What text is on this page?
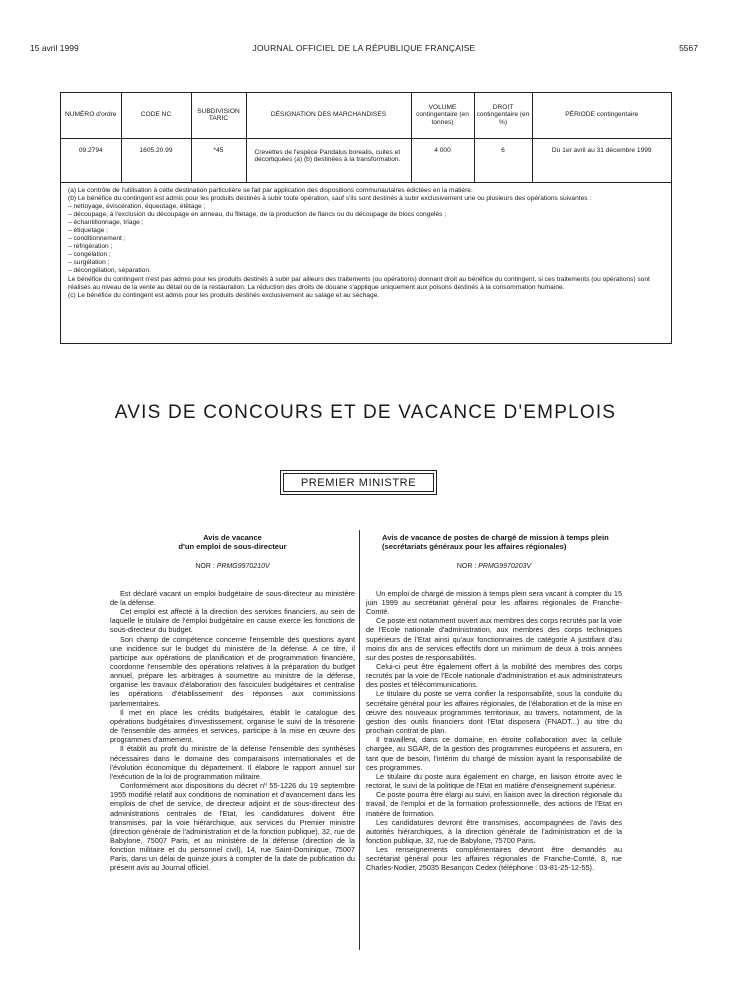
15 avril 1999	JOURNAL OFFICIEL DE LA RÉPUBLIQUE FRANÇAISE	5567
NUMÉRO d'ordre	CODE NC	SUBDIVISION TARIC	DÉSIGNATION DES MARCHANDISES	VOLUME contingentaire (en tonnes)	DROIT contingentaire (en %)	PÉRIODE contingentaire
09.2794	1605.20.99	*45	Crevettes de l'espèce Pandalus borealis, cuites et décortiquées (a) (b) destinées à la transformation.	4 000	6	Du 1er avril au 31 décembre 1999
(a) Le contrôle de l'utilisation à cette destination particulière se fait par application des dispositions communautaires édictées en la matière.
(b) Le bénéfice du contingent est admis pour les produits destinés à subir toute opération, sauf s'ils sont destinés à subir exclusivement une ou plusieurs des opérations suivantes :
– nettoyage, éviscération, équeutage, étêtage ;
– découpage, à l'exclusion du découpage en anneau, du filetage, de la production de flancs ou du découpage de blocs congelés ;
– échantillonnage, triage ;
– étiquetage ;
– conditionnement ;
– réfrigération ;
– congélation ;
– surgélation ;
– décongélation, séparation.
Le bénéfice du contingent n'est pas admis pour les produits destinés à subir par ailleurs des traitements (ou opérations) donnant droit au bénéfice du contingent, si ces traitements (ou opérations) sont réalisés au niveau de la vente au détail ou de la restauration. La réduction des droits de douane s'applique uniquement aux poisons destinés à la consommation humaine.
(c) Le bénéfice du contingent est admis pour les produits destinés exclusivement au salage et au séchage.
AVIS DE CONCOURS ET DE VACANCE D'EMPLOIS
PREMIER MINISTRE
Avis de vacance
d'un emploi de sous-directeur
NOR : PRMG9970210V

Est déclaré vacant un emploi budgétaire de sous-directeur au ministère de la défense.

Cet emploi est affecté à la direction des services financiers, au sein de laquelle le titulaire de l'emploi budgétaire en cause exerce les fonctions de sous-directeur du budget.

Son champ de compétence concerne l'ensemble des questions ayant une incidence sur le budget du ministère de la défense. A ce titre, il participe aux opérations de planification et de programmation financière, coordonne l'ensemble des opérations relatives à la préparation du budget annuel, prépare les arbitrages à soumettre au ministre de la défense, organise les travaux d'élaboration des fascicules budgétaires et centralise les opérations d'établissement des réponses aux commissions parlementaires.

Il met en place les crédits budgétaires, établit le catalogue des opérations budgétaires d'investissement, organise le suivi de la trésorerie de l'ensemble des armées et services, participe à la mise en œuvre des programmes d'armement.

Il établit au profit du ministre de la défense l'ensemble des synthèses nécessaires dans le domaine des comparaisons internationales et de l'évolution économique du département. Il élabore le rapport annuel sur l'exécution de la loi de programmation militaire.

Conformément aux dispositions du décret nº 55-1226 du 19 septembre 1955 modifié relatif aux conditions de nomination et d'avancement dans les emplois de chef de service, de directeur adjoint et de sous-directeur des administrations centrales de l'Etat, les candidatures doivent être transmises, par la voie hiérarchique, aux services du Premier ministre (direction générale de l'administration et de la fonction publique), 32, rue de Babylone, 75007 Paris, et au ministère de la défense (direction de la fonction militaire et du personnel civil), 14, rue Saint-Dominique, 75007 Paris, dans un délai de quinze jours à compter de la date de publication du présent avis au Journal officiel.

Avis de vacance de postes de chargé de mission à temps plein (secrétariats généraux pour les affaires régionales)
NOR : PRMG9970203V

Un emploi de chargé de mission à temps plein sera vacant à compter du 15 juin 1999 au secrétariat général pour les affaires régionales de Franche-Comté.

Ce poste est notamment ouvert aux membres des corps recrutés par la voie de l'Ecole nationale d'administration, aux membres des corps techniques supérieurs de l'Etat ainsi qu'aux fonctionnaires de catégorie A justifiant d'au moins dix ans de services effectifs dont un minimum de deux à trois années sur des postes de responsabilités.

Celui-ci peut être également offert à la mobilité des membres des corps recrutés par la voie de l'Ecole nationale d'administration et aux administrateurs des postes et télécommunications.

Le titulaire du poste se verra confier la responsabilité, sous la conduite du secrétaire général pour les affaires régionales, de l'élaboration et de la mise en œuvre des nouveaux programmes territoriaux, au travers, notamment, de la gestion des outils financiers dont l'Etat disposera (FNADT...) au titre du prochain contrat de plan.

Il travaillera, dans ce domaine, en étroite collaboration avec la cellule chargée, au SGAR, de la gestion des programmes européens et assurera, en tant que de besoin, l'intérim du chargé de mission ayant la responsabilité de ces programmes.

Le titulaire du poste aura également en charge, en liaison étroite avec le rectorat, le suivi de la politique de l'Etat en matière d'enseignement supérieur.

Ce poste pourra être élargi au suivi, en liaison avec la direction régionale du travail, de l'emploi et de la formation professionnelle, des actions de l'Etat en matière de formation.

Les candidatures devront être transmises, accompagnées de l'avis des autorités hiérarchiques, à la direction générale de l'administration et de la fonction publique, 32, rue de Babylone, 75700 Paris.

Les renseignements complémentaires devront être demandés au secrétariat général pour les affaires régionales de Franche-Comté, 8, rue Charles-Nodier, 25035 Besançon Cedex (téléphone : 03-81-25-12-55).
